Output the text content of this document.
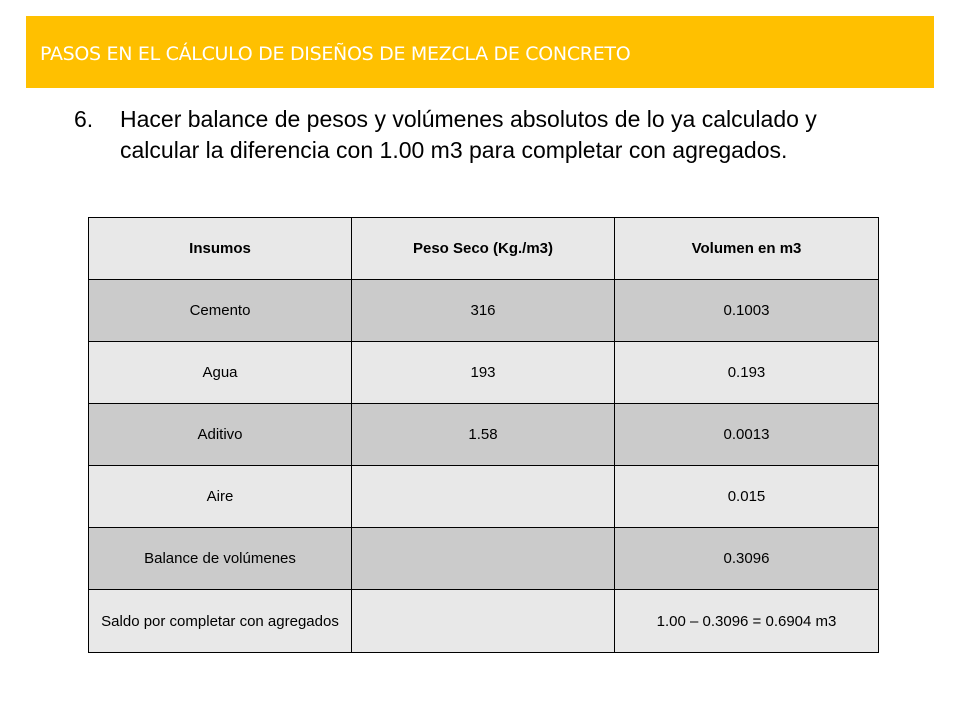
PASOS EN EL CÁLCULO DE DISEÑOS DE MEZCLA DE CONCRETO
6.	Hacer balance de pesos y volúmenes absolutos de lo ya calculado y calcular la diferencia con 1.00 m3 para completar con agregados.
Insumos	Peso Seco (Kg./m3)	Volumen en m3
Cemento	316	0.1003
Agua	193	0.193
Aditivo	1.58	0.0013
Aire		0.015
Balance de volúmenes		0.3096
Saldo por completar con agregados		1.00 – 0.3096 = 0.6904 m3
